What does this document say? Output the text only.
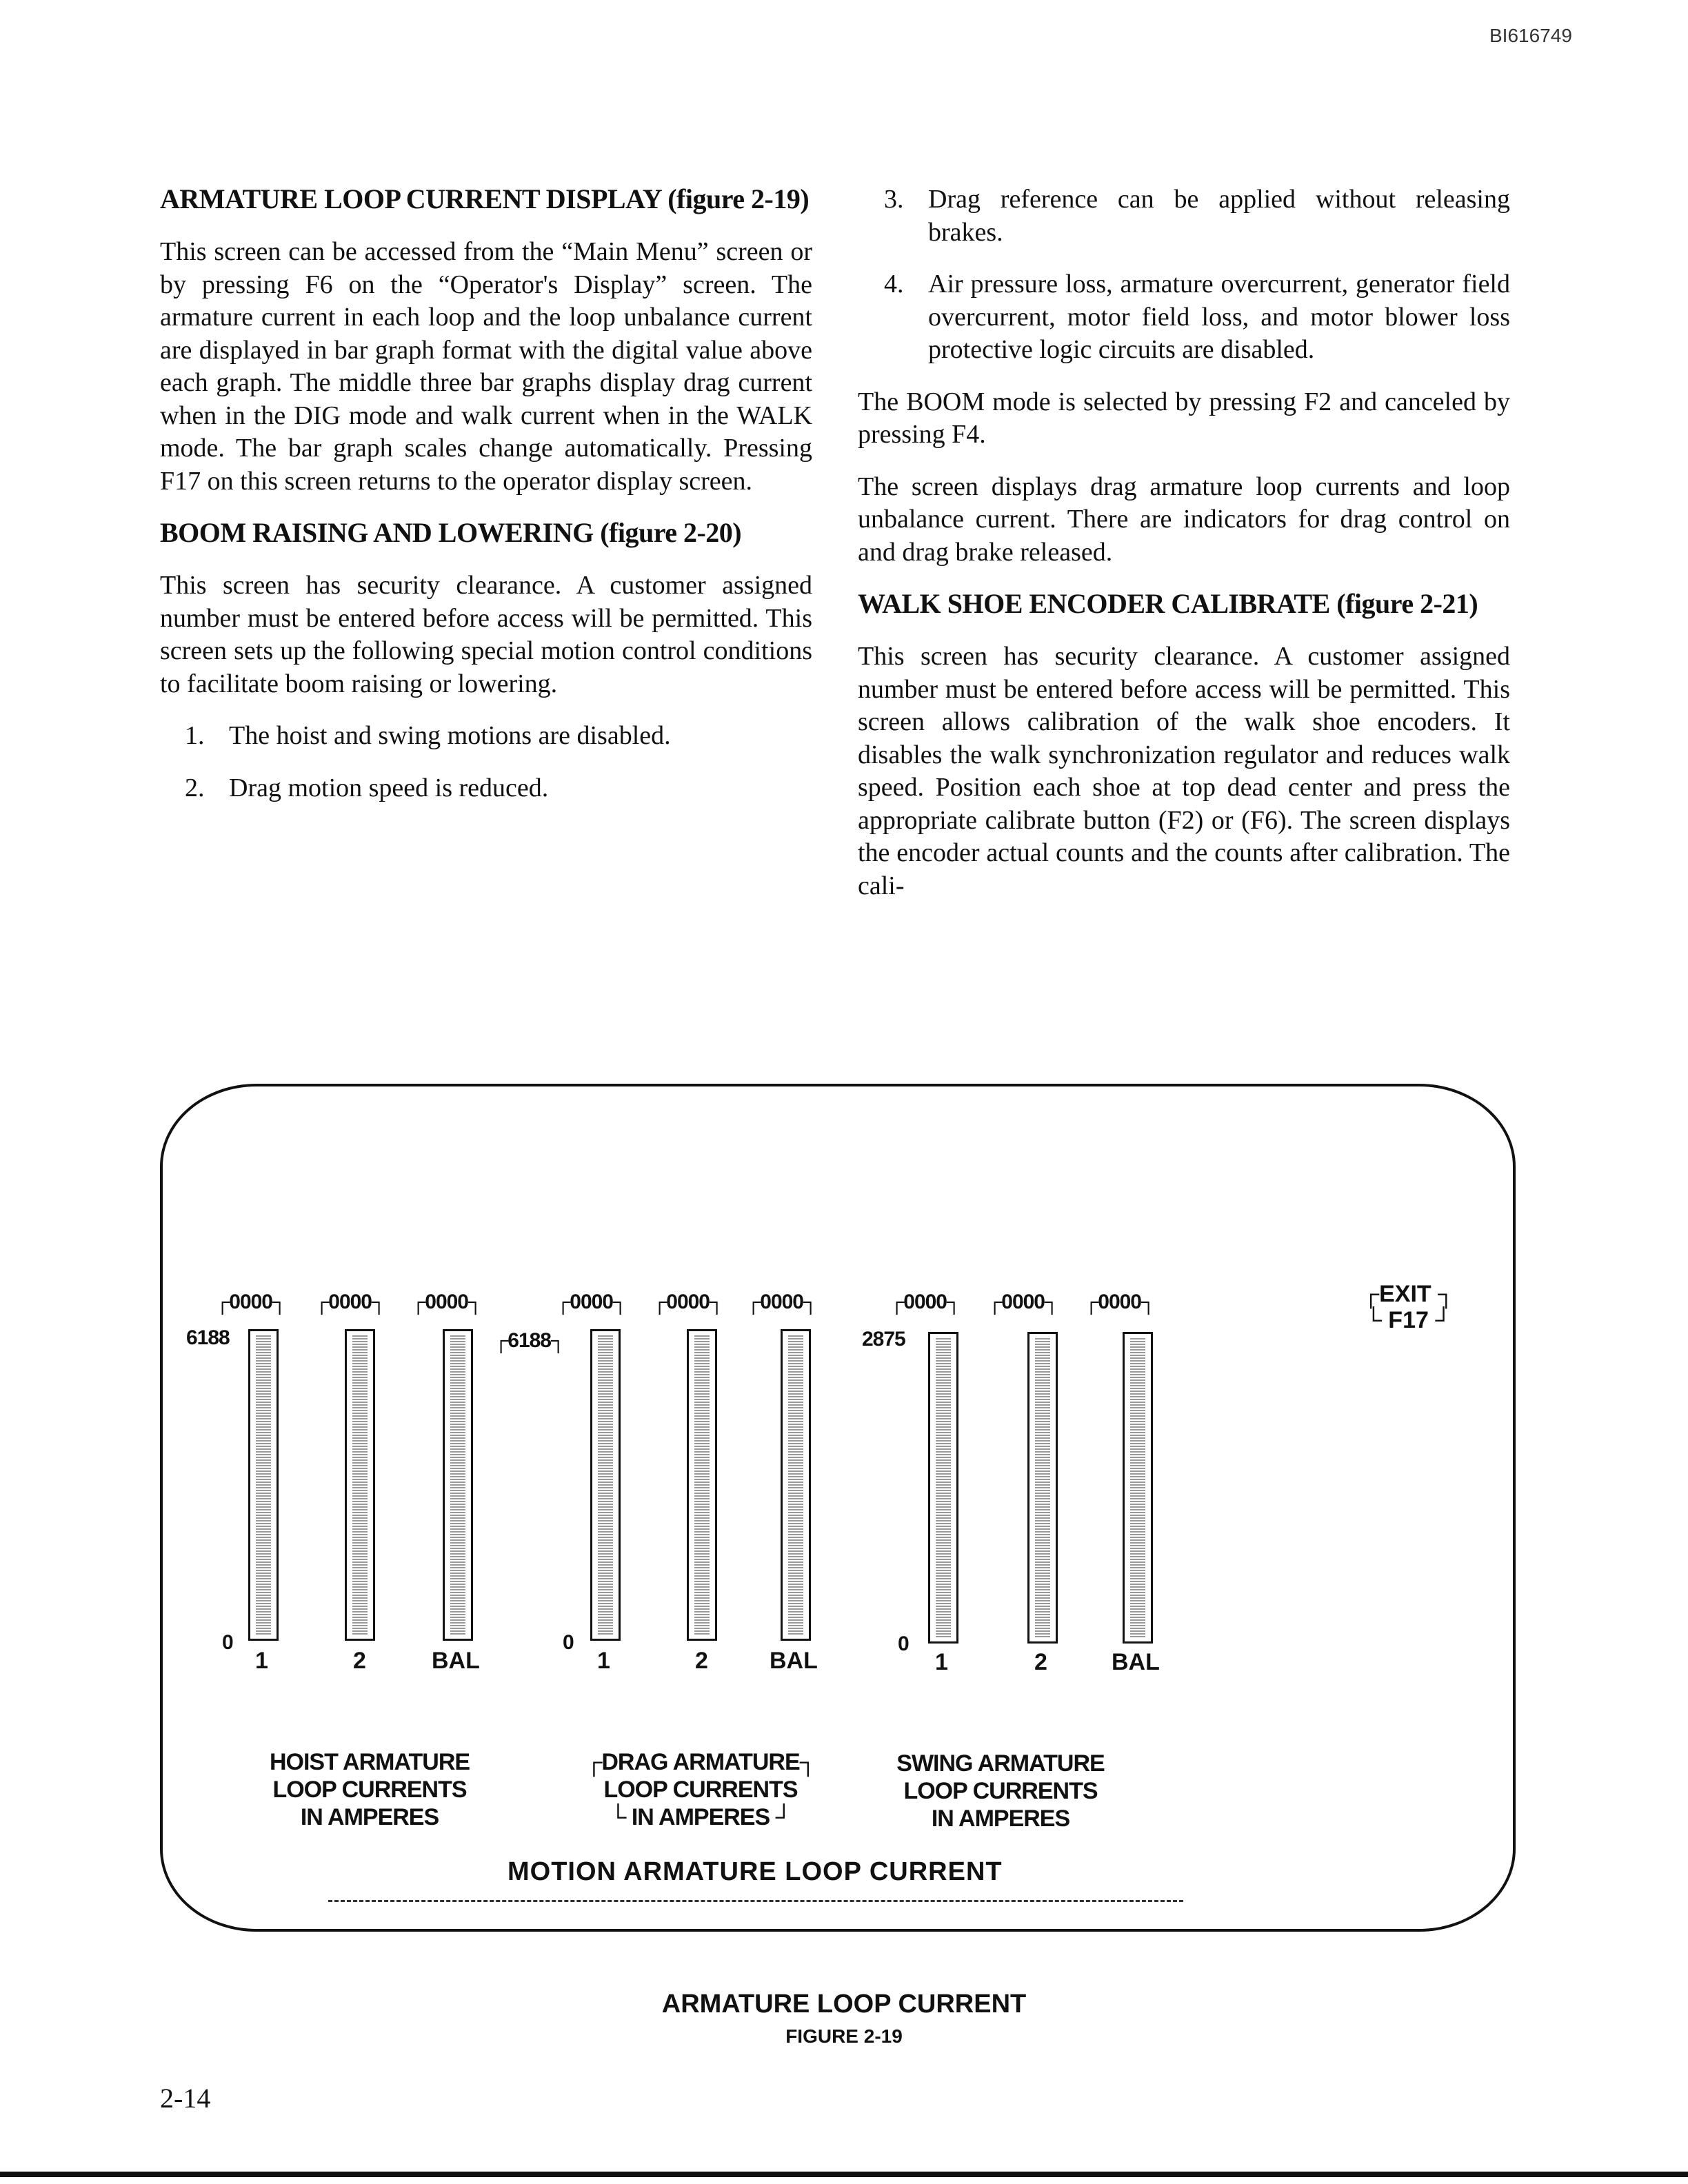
BI616749
ARMATURE LOOP CURRENT DISPLAY (figure 2-19)

This screen can be accessed from the “Main Menu” screen or by pressing F6 on the “Operator's Display” screen. The armature current in each loop and the loop unbalance current are displayed in bar graph format with the digital value above each graph. The middle three bar graphs display drag current when in the DIG mode and walk current when in the WALK mode. The bar graph scales change automatically. Pressing F17 on this screen returns to the operator display screen.

BOOM RAISING AND LOWERING (figure 2-20)

This screen has security clearance. A customer assigned number must be entered before access will be permitted. This screen sets up the following special motion control conditions to facilitate boom raising or lowering.

1. The hoist and swing motions are disabled.
2. Drag motion speed is reduced.
3. Drag reference can be applied without releasing brakes.
4. Air pressure loss, armature overcurrent, generator field overcurrent, motor field loss, and motor blower loss protective logic circuits are disabled.

The BOOM mode is selected by pressing F2 and canceled by pressing F4.

The screen displays drag armature loop currents and loop unbalance current. There are indicators for drag control on and drag brake released.

WALK SHOE ENCODER CALIBRATE (figure 2-21)

This screen has security clearance. A customer assigned number must be entered before access will be permitted. This screen allows calibration of the walk shoe encoders. It disables the walk synchronization regulator and reduces walk speed. Position each shoe at top dead center and press the appropriate calibrate button (F2) or (F6). The screen displays the encoder actual counts and the counts after calibration. The cali-

┌0000┐ ┌0000┐ ┌0000┐
6188
0
1	2	BAL
HOIST ARMATURE
LOOP CURRENTS
IN AMPERES
┌0000┐ ┌0000┐ ┌0000┐
┌6188┐
0
1	2	BAL
┌DRAG ARMATURE┐
LOOP CURRENTS
└ IN AMPERES ┘
┌0000┐ ┌0000┐ ┌0000┐
2875
0
1	2	BAL
SWING ARMATURE
LOOP CURRENTS
IN AMPERES
┌EXIT ┐
└ F17 ┘
MOTION ARMATURE LOOP CURRENT
ARMATURE LOOP CURRENT
FIGURE 2-19
2-14
